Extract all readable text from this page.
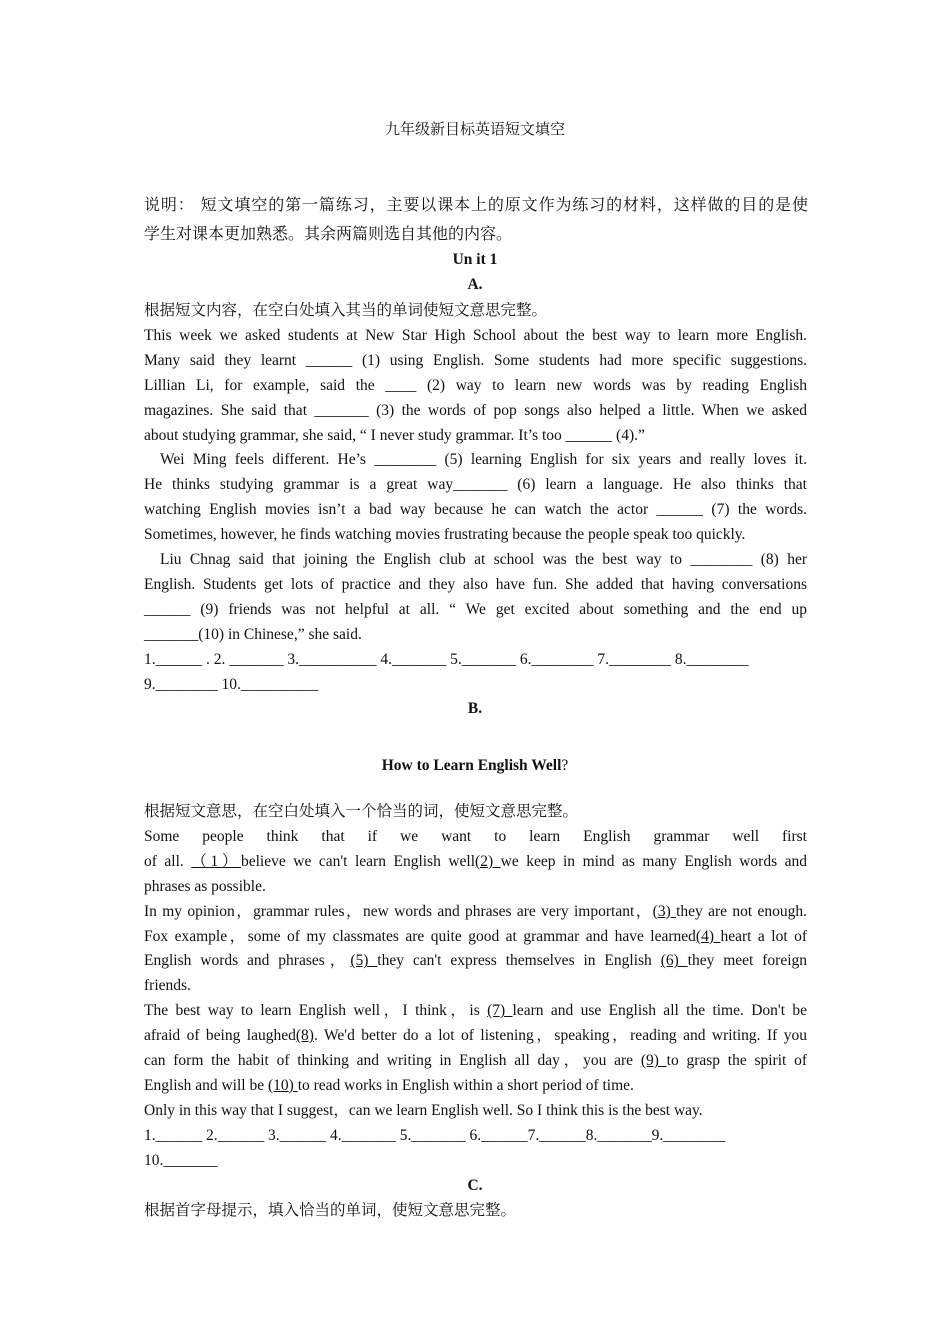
九年级新目标英语短文填空
说明： 短文填空的第一篇练习，主要以课本上的原文作为练习的材料，这样做的目的是使
学生对课本更加熟悉。其余两篇则选自其他的内容。
Un it 1
A.
根据短文内容，在空白处填入其当的单词使短文意思完整。
This week we asked students at New Star High School about the best way to learn more English.
Many said they learnt ______ (1) using English. Some students had more specific suggestions.
Lillian Li, for example, said the ____ (2) way to learn new words was by reading English
magazines. She said that _______ (3) the words of pop songs also helped a little. When we asked
about studying grammar, she said, “ I never study grammar. It’s too ______ (4).”
Wei Ming feels different. He’s ________ (5) learning English for six years and really loves it.
He thinks studying grammar is a great way_______ (6) learn a language. He also thinks that
watching English movies isn’t a bad way because he can watch the actor ______ (7) the words.
Sometimes, however, he finds watching movies frustrating because the people speak too quickly.
Liu Chnag said that joining the English club at school was the best way to ________ (8) her
English. Students get lots of practice and they also have fun. She added that having conversations
______ (9) friends was not helpful at all. “ We get excited about something and the end up
_______(10) in Chinese,” she said.
1.______ . 2. _______ 3.__________ 4._______ 5._______ 6.________ 7.________ 8.________
9.________ 10.__________
B.
How to Learn English Well?
根据短文意思，在空白处填入一个恰当的词，使短文意思完整。
Some people think that if we want to learn English grammar well first
of all. （1）believe we can't learn English well(2) we keep in mind as many English words and
phrases as possible.
In my opinion，grammar rules，new words and phrases are very important，(3) they are not enough.
Fox example，some of my classmates are quite good at grammar and have learned(4) heart a lot of
English words and phrases，(5) they can't express themselves in English (6) they meet foreign
friends.
The best way to learn English well，I think，is (7) learn and use English all the time. Don't be
afraid of being laughed(8). We'd better do a lot of listening，speaking，reading and writing. If you
can form the habit of thinking and writing in English all day，you are (9) to grasp the spirit of
English and will be (10) to read works in English within a short period of time.
Only in this way that I suggest，can we learn English well. So I think this is the best way.
1.______ 2.______ 3.______ 4._______ 5._______ 6.______7.______8._______9.________
10._______
C.
根据首字母提示，填入恰当的单词，使短文意思完整。
